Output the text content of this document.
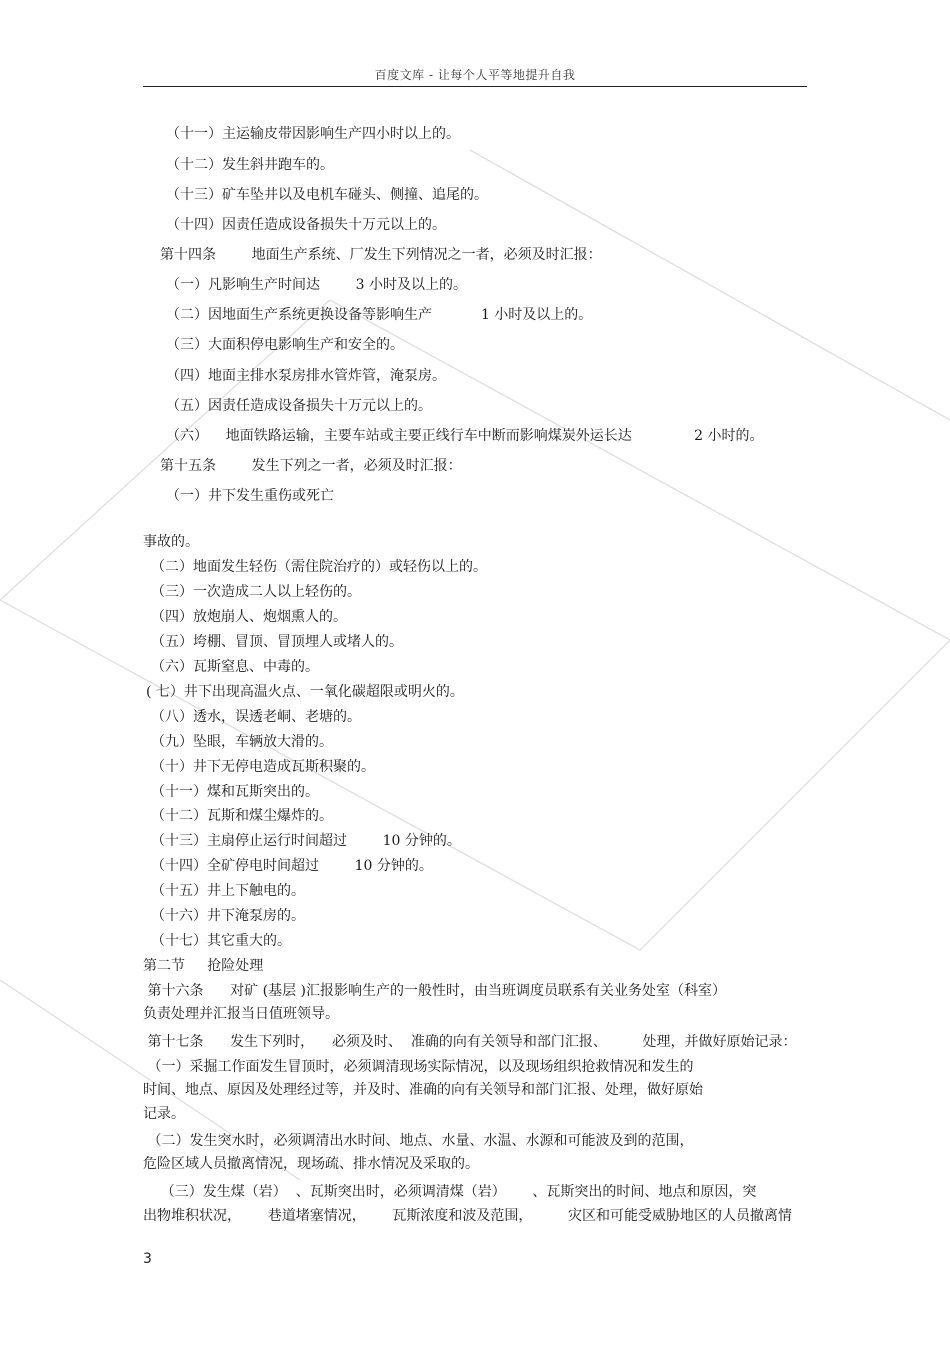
百度文库 - 让每个人平等地提升自我
（十一）主运输皮带因影响生产四小时以上的。
（十二）发生斜井跑车的。
（十三）矿车坠井以及电机车碰头、侧撞、追尾的。
（十四）因责任造成设备损失十万元以上的。
第十四条        地面生产系统、厂发生下列情况之一者，必须及时汇报：
（一）凡影响生产时间达        3 小时及以上的。
（二）因地面生产系统更换设备等影响生产           1 小时及以上的。
（三）大面积停电影响生产和安全的。
（四）地面主排水泵房排水管炸管，淹泵房。
（五）因责任造成设备损失十万元以上的。
（六）    地面铁路运输，主要车站或主要正线行车中断而影响煤炭外运长达              2 小时的。
第十五条        发生下列之一者，必须及时汇报：
（一）井下发生重伤或死亡
事故的。
（二）地面发生轻伤（需住院治疗的）或轻伤以上的。
（三）一次造成二人以上轻伤的。
（四）放炮崩人、炮烟熏人的。
（五）垮棚、冒顶、冒顶埋人或堵人的。
（六）瓦斯窒息、中毒的。
( 七）井下出现高温火点、一氧化碳超限或明火的。
（八）透水，误透老峒、老塘的。
（九）坠眼，车辆放大滑的。
（十）井下无停电造成瓦斯积聚的。
（十一）煤和瓦斯突出的。
（十二）瓦斯和煤尘爆炸的。
（十三）主扇停止运行时间超过        10 分钟的。
（十四）全矿停电时间超过        10 分钟的。
（十五）井上下触电的。
（十六）井下淹泵房的。
（十七）其它重大的。
第二节     抢险处理
第十六条      对矿 (基层 )汇报影响生产的一般性时，由当班调度员联系有关业务处室（科室）
负责处理并汇报当日值班领导。
第十七条      发生下列时，    必须及时、  准确的向有关领导和部门汇报、        处理，并做好原始记录：
（一）采掘工作面发生冒顶时，必须调清现场实际情况，以及现场组织抢救情况和发生的
时间、地点、原因及处理经过等，并及时、准确的向有关领导和部门汇报、处理，做好原始
记录。
（二）发生突水时，必须调清出水时间、地点、水量、水温、水源和可能波及到的范围，
危险区域人员撤离情况，现场疏、排水情况及采取的。
（三）发生煤（岩）  、瓦斯突出时，必须调清煤（岩）      、瓦斯突出的时间、地点和原因，突
出物堆积状况，      巷道堵塞情况，      瓦斯浓度和波及范围，        灾区和可能受威胁地区的人员撤离情
3
